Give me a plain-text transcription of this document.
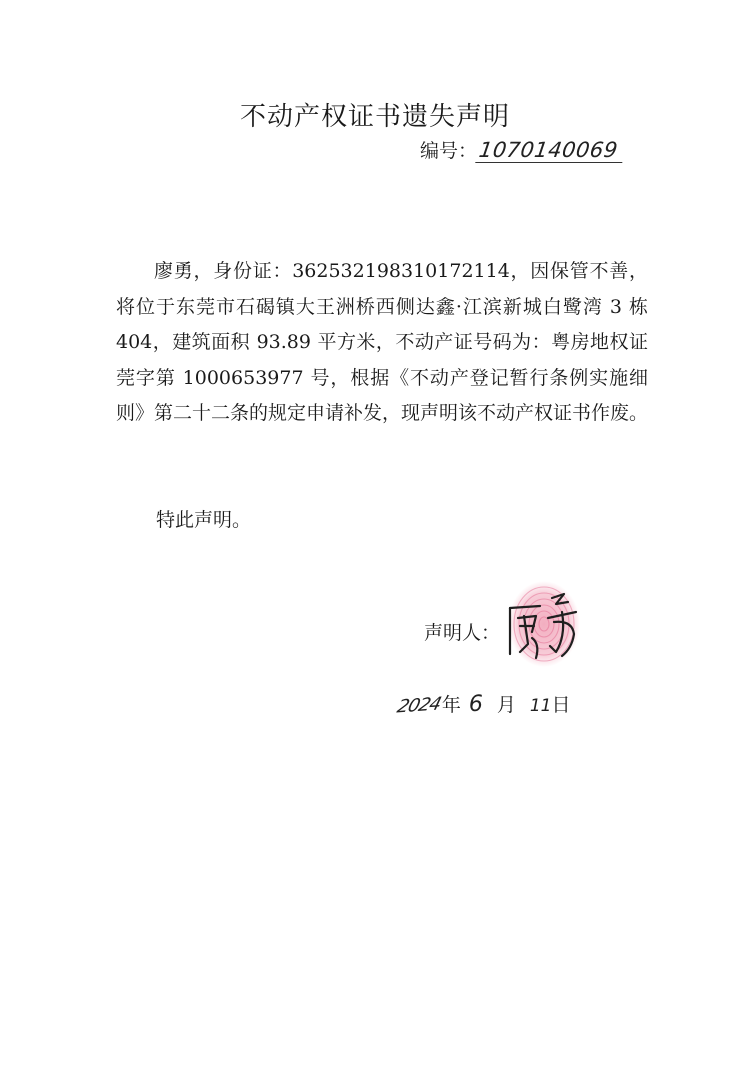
不动产权证书遗失声明
编号：1070140069

廖勇，身份证：362532198310172114，因保管不善，将位于东莞市石碣镇大王洲桥西侧达鑫·江滨新城白鹭湾 3 栋 404，建筑面积 93.89 平方米，不动产证号码为：粤房地权证莞字第 1000653977 号，根据《不动产登记暂行条例实施细则》第二十二条的规定申请补发，现声明该不动产权证书作废。

特此声明。

声明人：
2024年 6 月 11日
